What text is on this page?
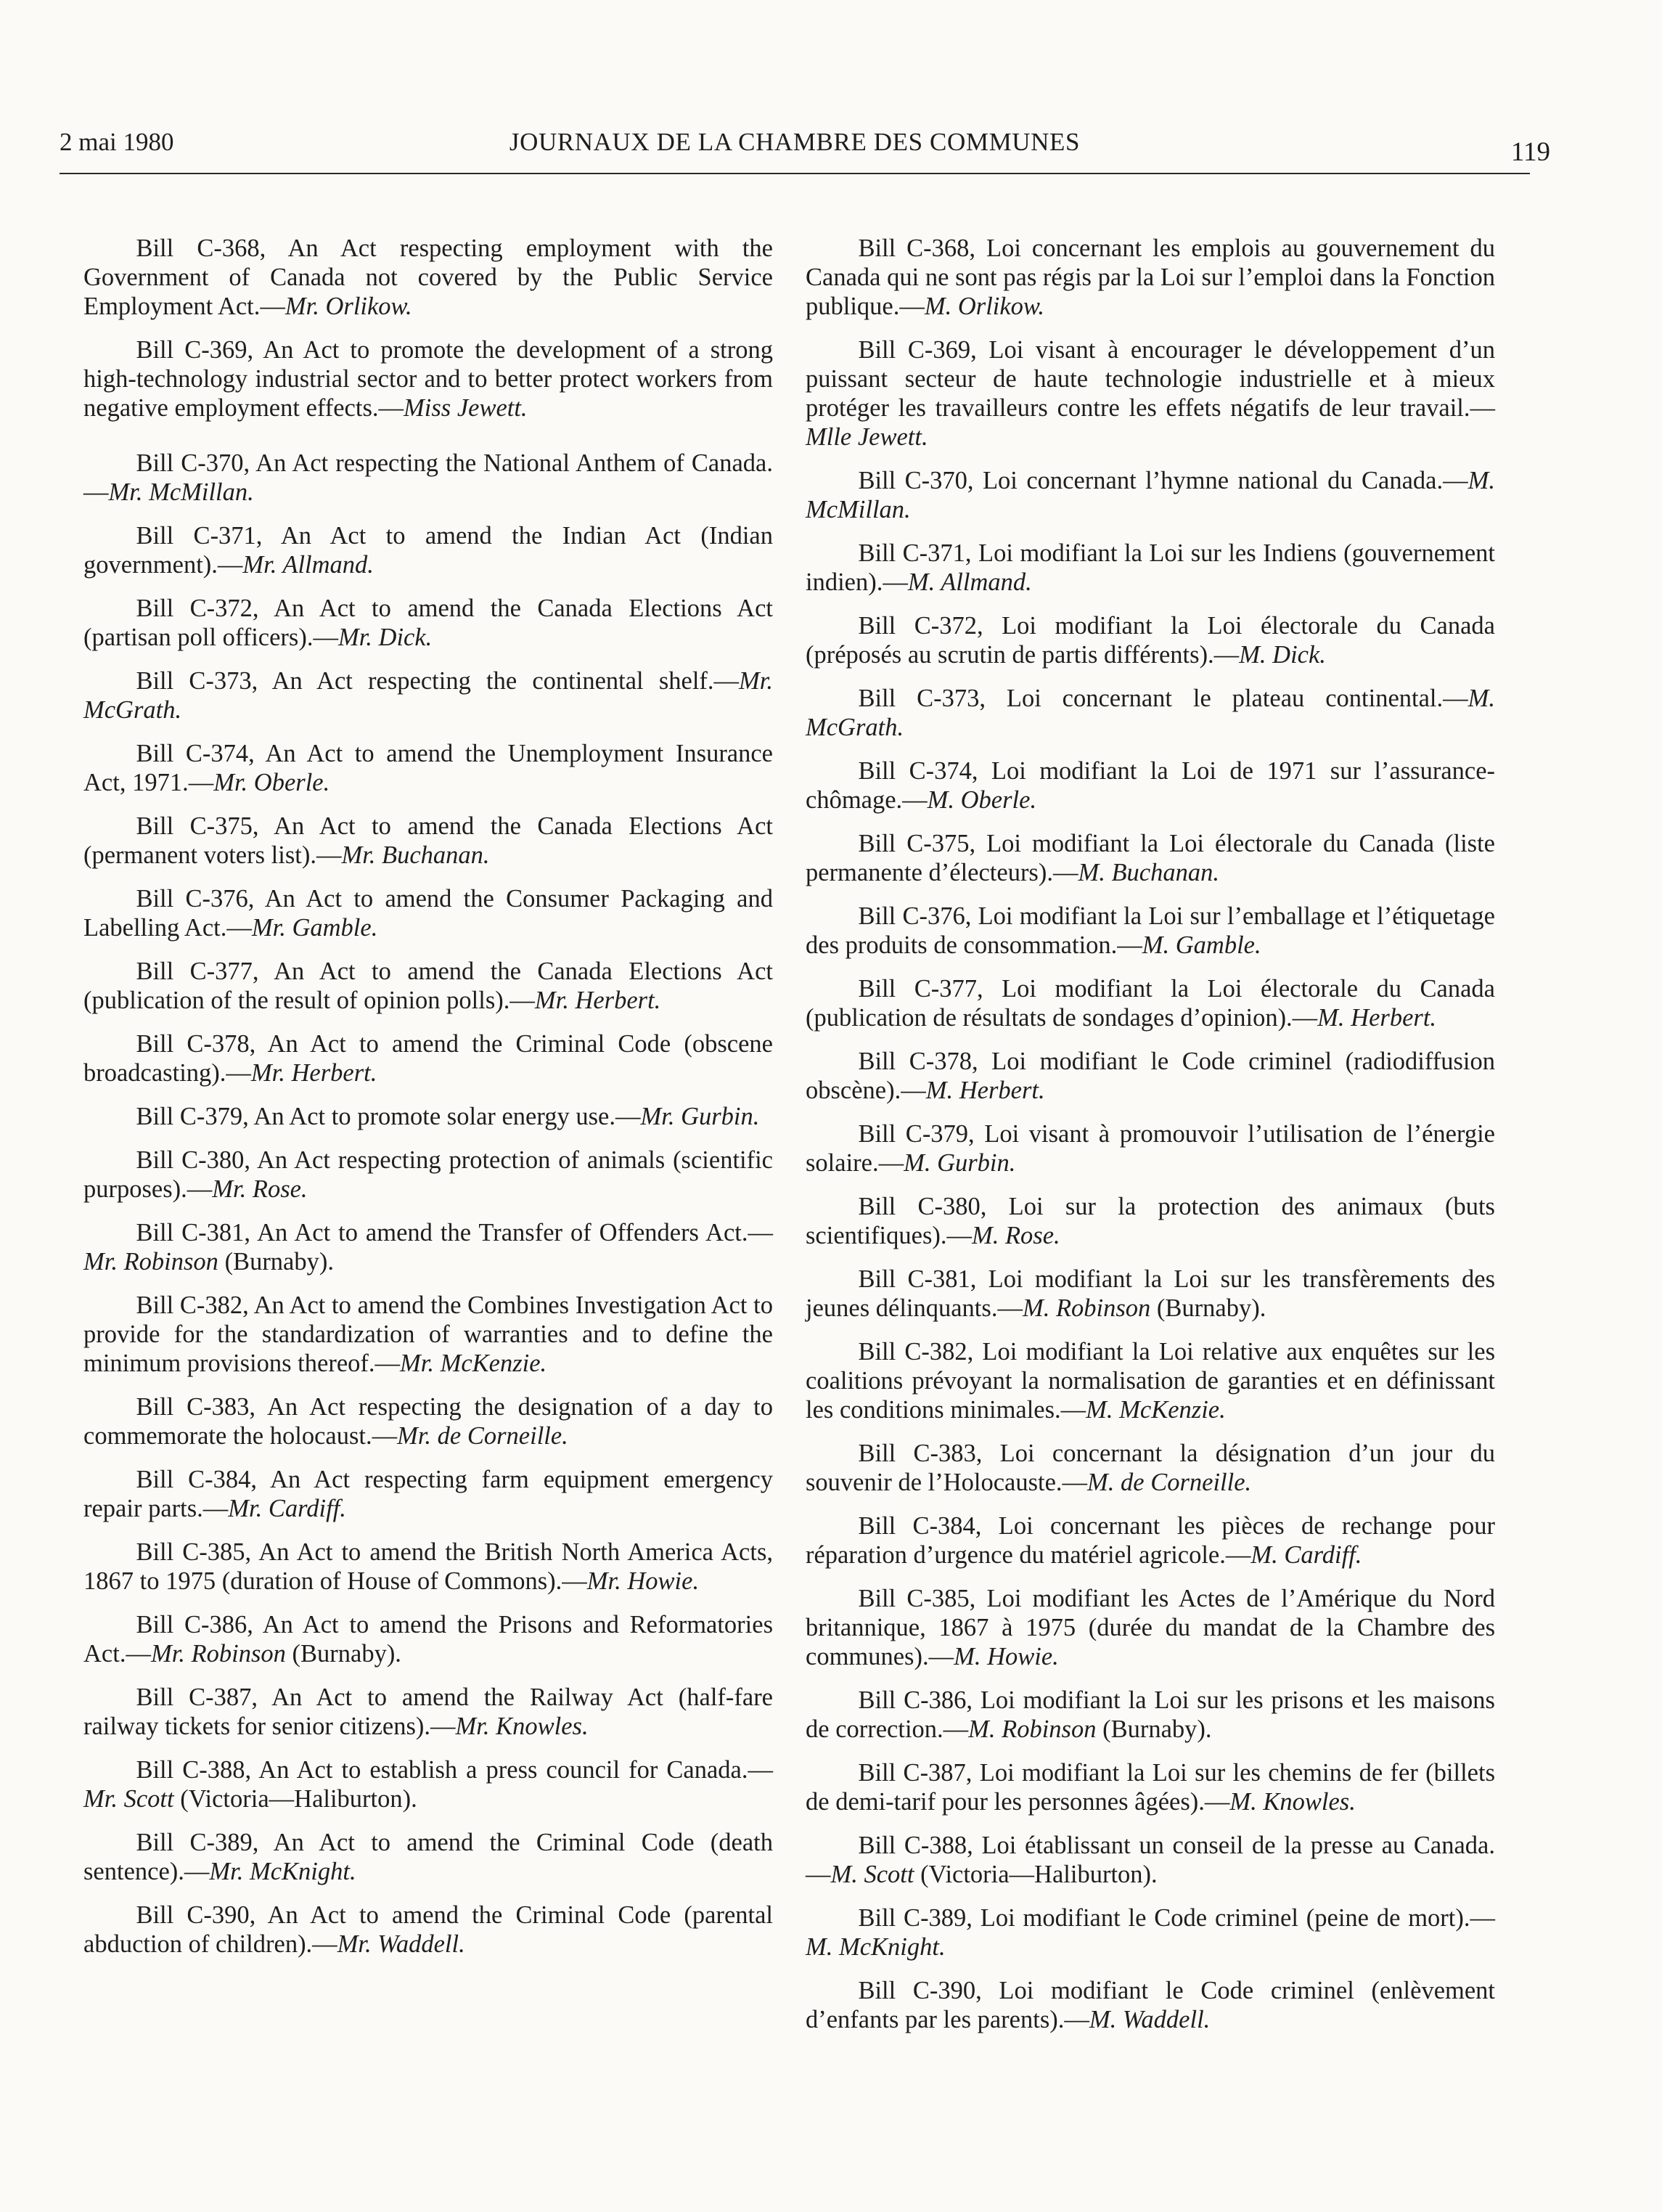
2 mai 1980	JOURNAUX DE LA CHAMBRE DES COMMUNES	119

Bill C-368, An Act respecting employment with the Government of Canada not covered by the Public Service Employment Act.—Mr. Orlikow.

Bill C-369, An Act to promote the development of a strong high-technology industrial sector and to better protect workers from negative employment effects.—Miss Jewett.

Bill C-370, An Act respecting the National Anthem of Canada.—Mr. McMillan.

Bill C-371, An Act to amend the Indian Act (Indian government).—Mr. Allmand.

Bill C-372, An Act to amend the Canada Elections Act (partisan poll officers).—Mr. Dick.

Bill C-373, An Act respecting the continental shelf.—Mr. McGrath.

Bill C-374, An Act to amend the Unemployment Insurance Act, 1971.—Mr. Oberle.

Bill C-375, An Act to amend the Canada Elections Act (permanent voters list).—Mr. Buchanan.

Bill C-376, An Act to amend the Consumer Packaging and Labelling Act.—Mr. Gamble.

Bill C-377, An Act to amend the Canada Elections Act (publication of the result of opinion polls).—Mr. Herbert.

Bill C-378, An Act to amend the Criminal Code (obscene broadcasting).—Mr. Herbert.

Bill C-379, An Act to promote solar energy use.—Mr. Gurbin.

Bill C-380, An Act respecting protection of animals (scientific purposes).—Mr. Rose.

Bill C-381, An Act to amend the Transfer of Offenders Act.—Mr. Robinson (Burnaby).

Bill C-382, An Act to amend the Combines Investigation Act to provide for the standardization of warranties and to define the minimum provisions thereof.—Mr. McKenzie.

Bill C-383, An Act respecting the designation of a day to commemorate the holocaust.—Mr. de Corneille.

Bill C-384, An Act respecting farm equipment emergency repair parts.—Mr. Cardiff.

Bill C-385, An Act to amend the British North America Acts, 1867 to 1975 (duration of House of Commons).—Mr. Howie.

Bill C-386, An Act to amend the Prisons and Reformatories Act.—Mr. Robinson (Burnaby).

Bill C-387, An Act to amend the Railway Act (half-fare railway tickets for senior citizens).—Mr. Knowles.

Bill C-388, An Act to establish a press council for Canada.—Mr. Scott (Victoria—Haliburton).

Bill C-389, An Act to amend the Criminal Code (death sentence).—Mr. McKnight.

Bill C-390, An Act to amend the Criminal Code (parental abduction of children).—Mr. Waddell.

Bill C-368, Loi concernant les emplois au gouvernement du Canada qui ne sont pas régis par la Loi sur l’emploi dans la Fonction publique.—M. Orlikow.

Bill C-369, Loi visant à encourager le développement d’un puissant secteur de haute technologie industrielle et à mieux protéger les travailleurs contre les effets négatifs de leur travail.—Mlle Jewett.

Bill C-370, Loi concernant l’hymne national du Canada.—M. McMillan.

Bill C-371, Loi modifiant la Loi sur les Indiens (gouvernement indien).—M. Allmand.

Bill C-372, Loi modifiant la Loi électorale du Canada (préposés au scrutin de partis différents).—M. Dick.

Bill C-373, Loi concernant le plateau continental.—M. McGrath.

Bill C-374, Loi modifiant la Loi de 1971 sur l’assurance-chômage.—M. Oberle.

Bill C-375, Loi modifiant la Loi électorale du Canada (liste permanente d’électeurs).—M. Buchanan.

Bill C-376, Loi modifiant la Loi sur l’emballage et l’étiquetage des produits de consommation.—M. Gamble.

Bill C-377, Loi modifiant la Loi électorale du Canada (publication de résultats de sondages d’opinion).—M. Herbert.

Bill C-378, Loi modifiant le Code criminel (radiodiffusion obscène).—M. Herbert.

Bill C-379, Loi visant à promouvoir l’utilisation de l’énergie solaire.—M. Gurbin.

Bill C-380, Loi sur la protection des animaux (buts scientifiques).—M. Rose.

Bill C-381, Loi modifiant la Loi sur les transfèrements des jeunes délinquants.—M. Robinson (Burnaby).

Bill C-382, Loi modifiant la Loi relative aux enquêtes sur les coalitions prévoyant la normalisation de garanties et en définissant les conditions minimales.—M. McKenzie.

Bill C-383, Loi concernant la désignation d’un jour du souvenir de l’Holocauste.—M. de Corneille.

Bill C-384, Loi concernant les pièces de rechange pour réparation d’urgence du matériel agricole.—M. Cardiff.

Bill C-385, Loi modifiant les Actes de l’Amérique du Nord britannique, 1867 à 1975 (durée du mandat de la Chambre des communes).—M. Howie.

Bill C-386, Loi modifiant la Loi sur les prisons et les maisons de correction.—M. Robinson (Burnaby).

Bill C-387, Loi modifiant la Loi sur les chemins de fer (billets de demi-tarif pour les personnes âgées).—M. Knowles.

Bill C-388, Loi établissant un conseil de la presse au Canada.—M. Scott (Victoria—Haliburton).

Bill C-389, Loi modifiant le Code criminel (peine de mort).—M. McKnight.

Bill C-390, Loi modifiant le Code criminel (enlèvement d’enfants par les parents).—M. Waddell.
